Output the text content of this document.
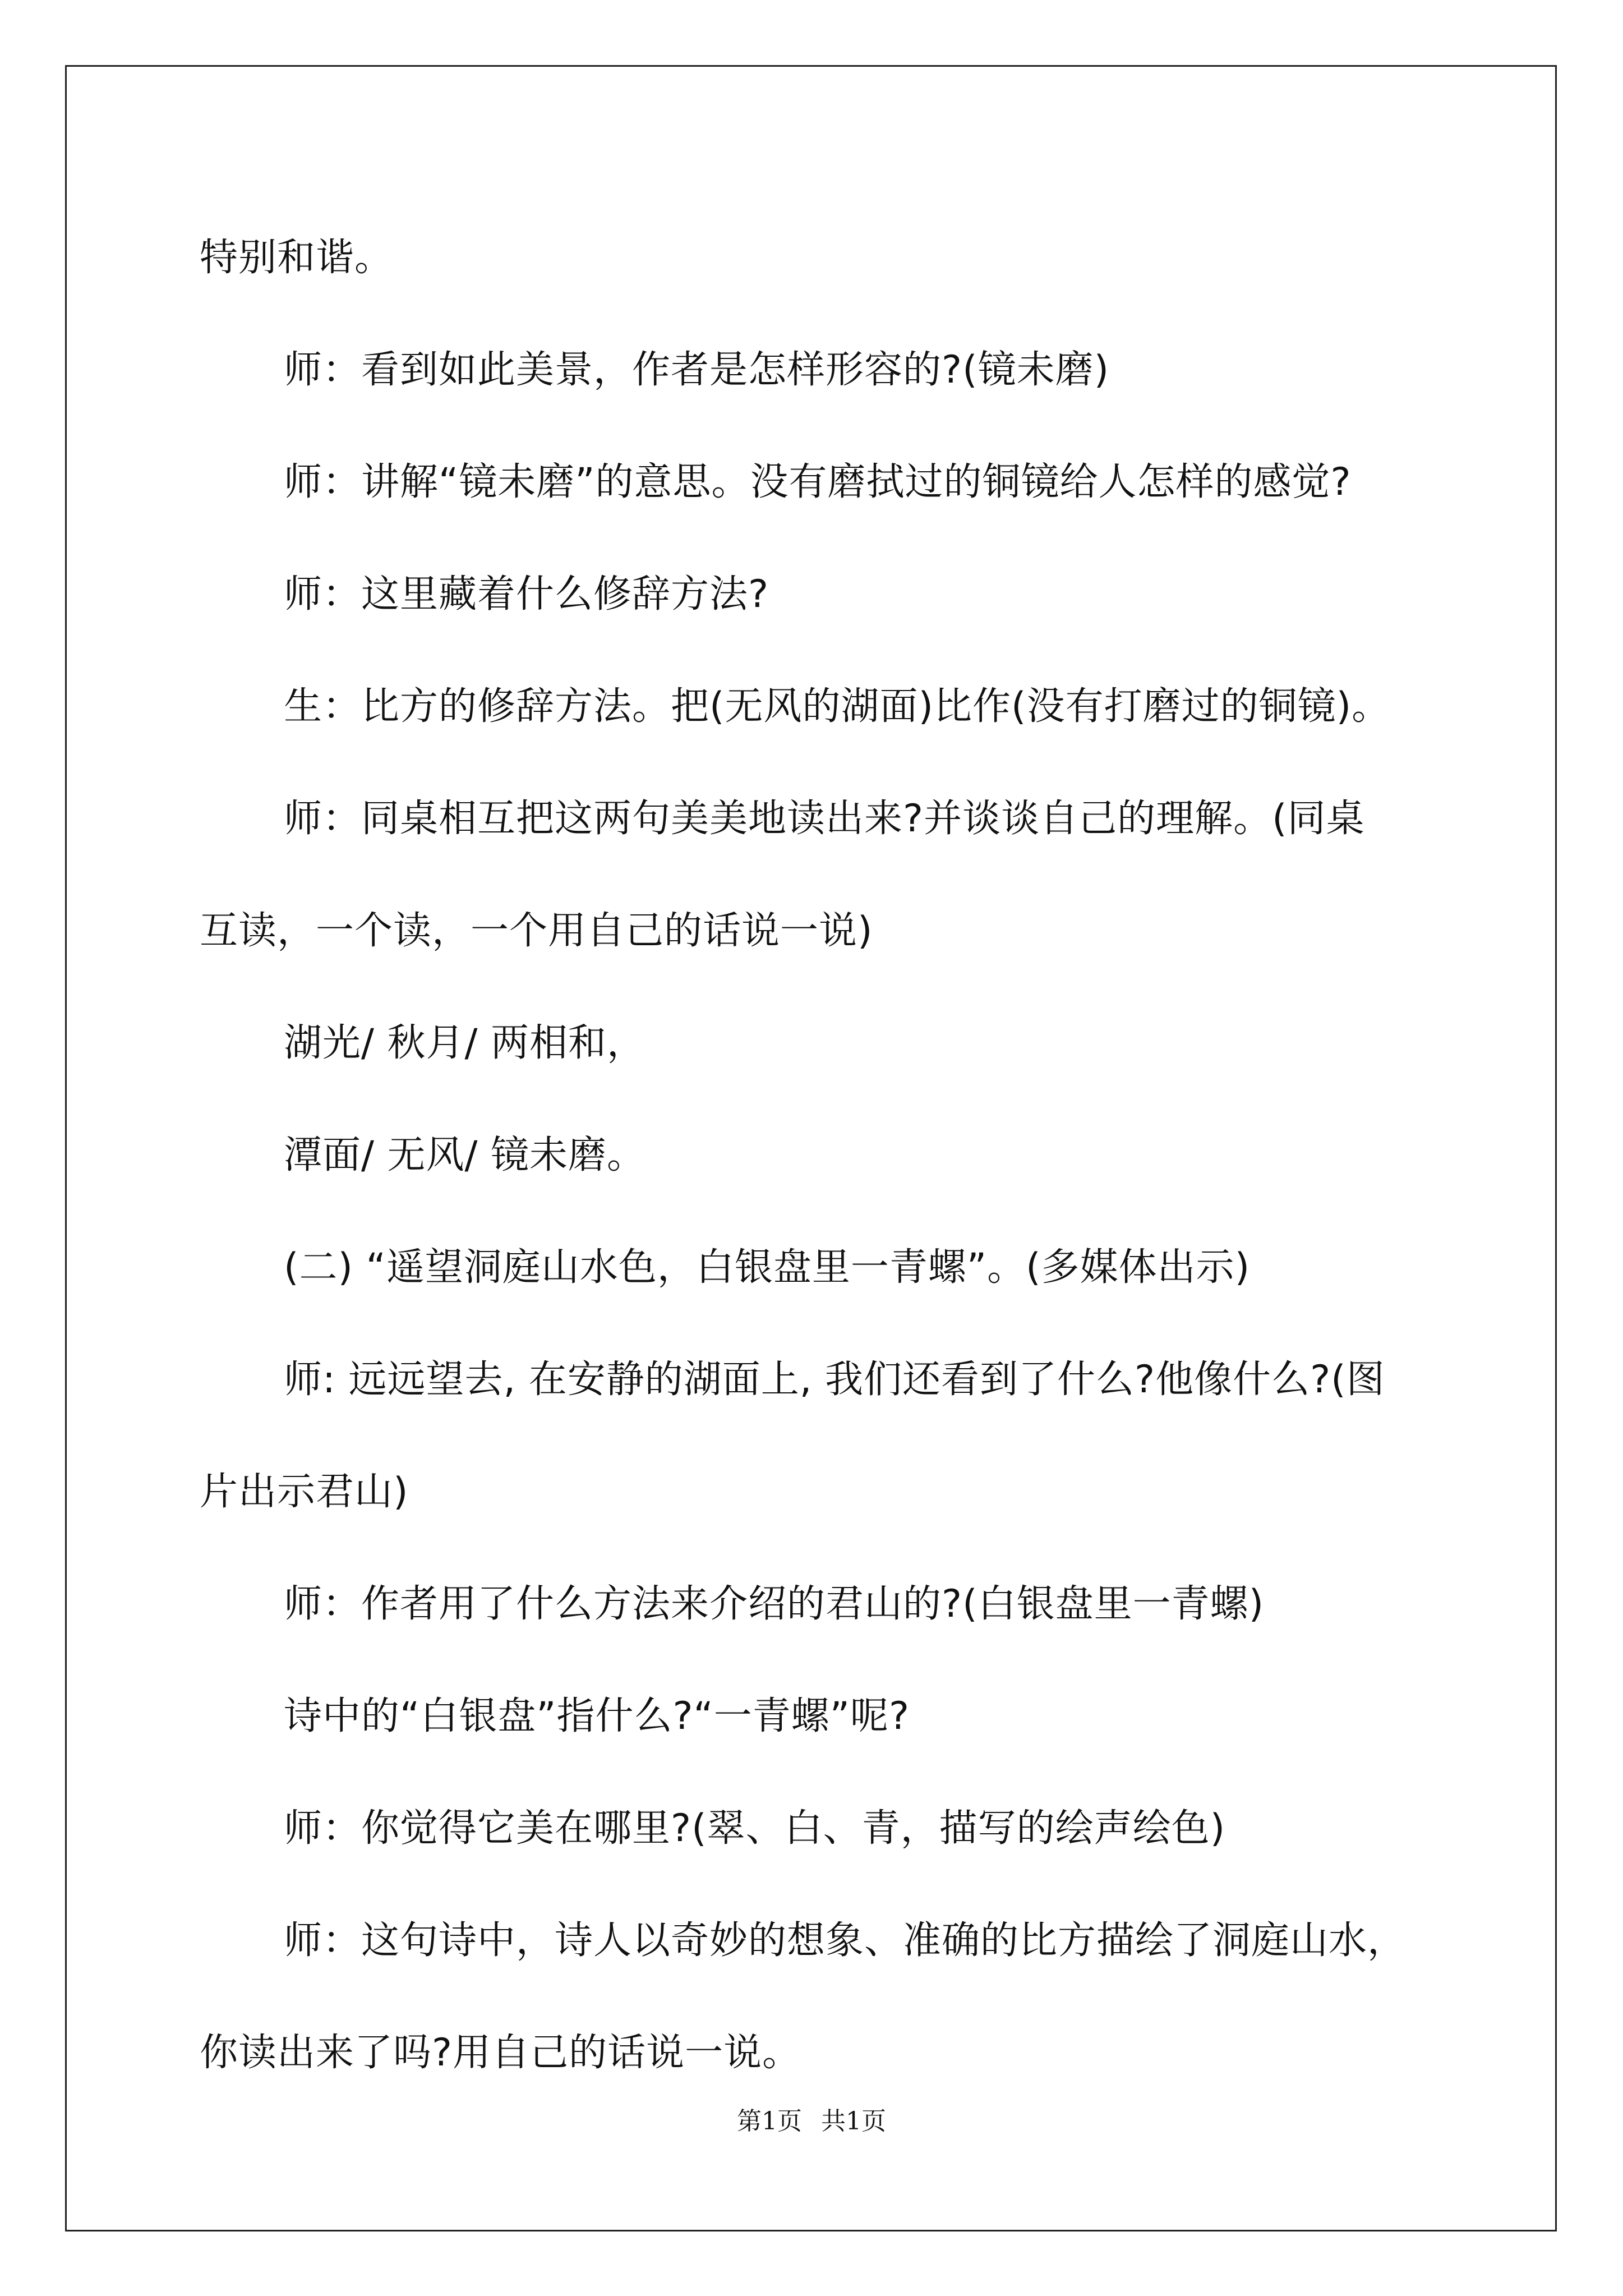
特别和谐。

师：看到如此美景，作者是怎样形容的?(镜未磨)

师：讲解“镜未磨”的意思。没有磨拭过的铜镜给人怎样的感觉?

师：这里藏着什么修辞方法?

生：比方的修辞方法。把(无风的湖面)比作(没有打磨过的铜镜)。

师：同桌相互把这两句美美地读出来?并谈谈自己的理解。(同桌

互读，一个读，一个用自己的话说一说)

湖光/ 秋月/ 两相和，

潭面/ 无风/ 镜未磨。

(二) “遥望洞庭山水色，白银盘里一青螺”。(多媒体出示)

师: 远远望去, 在安静的湖面上, 我们还看到了什么?他像什么?(图

片出示君山)

师：作者用了什么方法来介绍的君山的?(白银盘里一青螺)

诗中的“白银盘”指什么?“一青螺”呢?

师：你觉得它美在哪里?(翠、白、青，描写的绘声绘色)

师：这句诗中，诗人以奇妙的想象、准确的比方描绘了洞庭山水，

你读出来了吗?用自己的话说一说。

第1页 共1页
